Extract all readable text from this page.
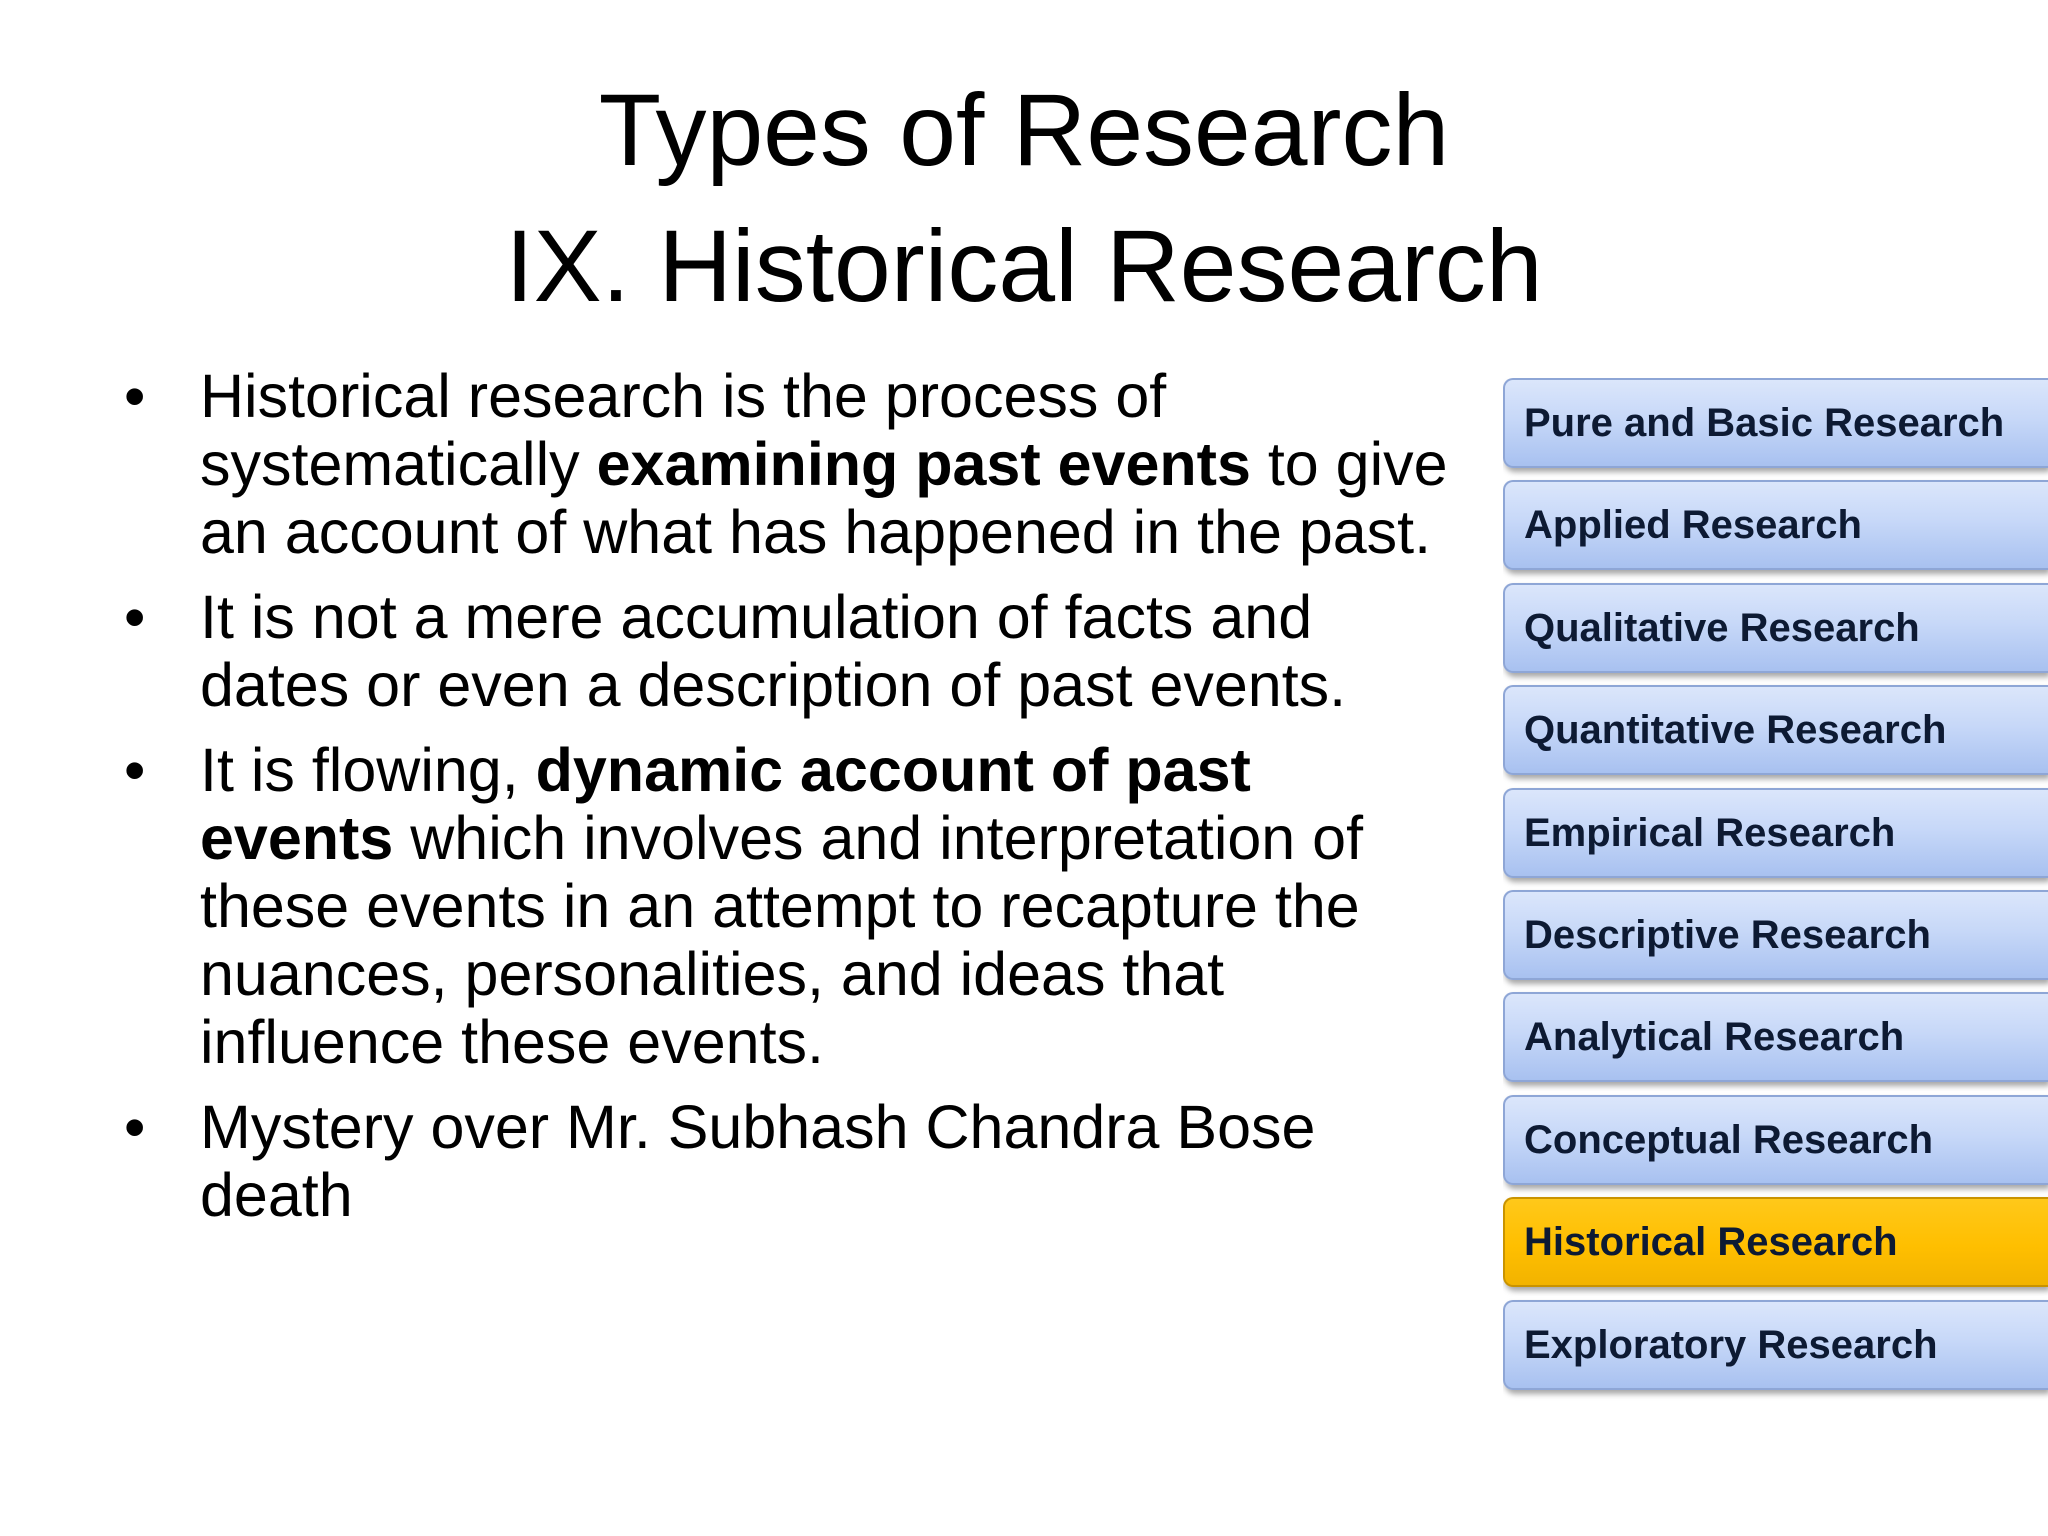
Types of Research
IX. Historical Research
• Historical research is the process of systematically examining past events to give an account of what has happened in the past.
• It is not a mere accumulation of facts and dates or even a description of past events.
• It is flowing, dynamic account of past events which involves and interpretation of these events in an attempt to recapture the nuances, personalities, and ideas that influence these events.
• Mystery over Mr. Subhash Chandra Bose death
Pure and Basic Research
Applied Research
Qualitative Research
Quantitative Research
Empirical Research
Descriptive Research
Analytical Research
Conceptual Research
Historical Research
Exploratory Research
